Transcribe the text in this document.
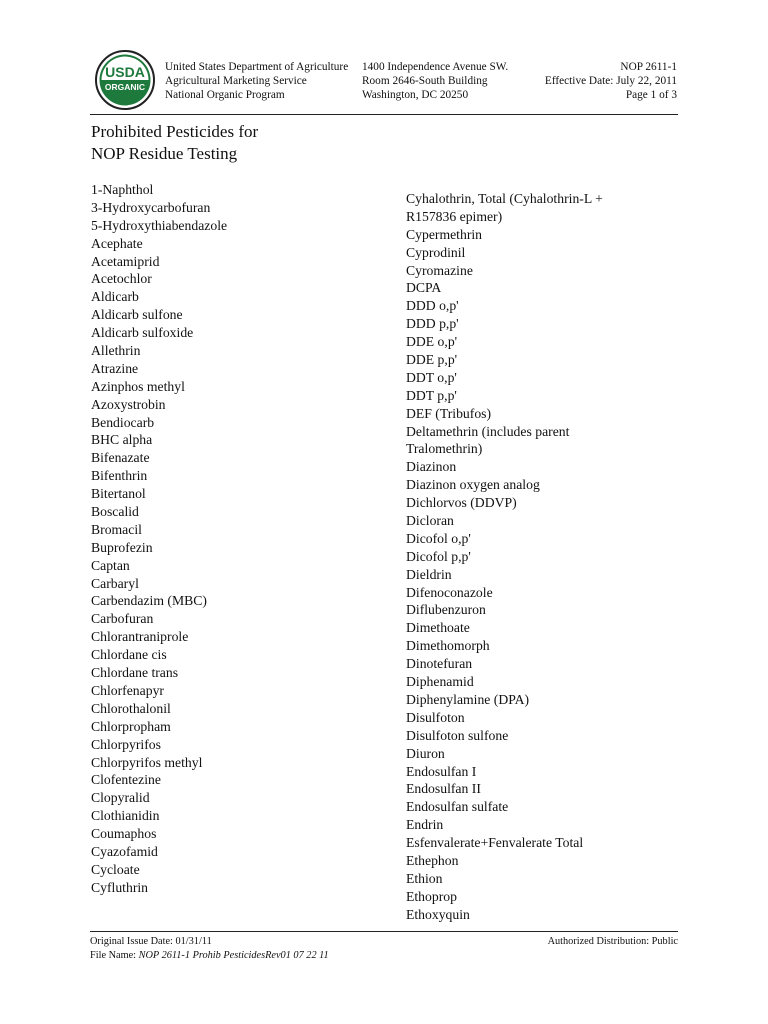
USDA
ORGANIC
United States Department of Agriculture
Agricultural Marketing Service
National Organic Program
1400 Independence Avenue SW.
Room 2646-South Building
Washington, DC 20250
NOP 2611-1
Effective Date: July 22, 2011
Page 1 of 3
Prohibited Pesticides for
NOP Residue Testing
1-Naphthol
3-Hydroxycarbofuran
5-Hydroxythiabendazole
Acephate
Acetamiprid
Acetochlor
Aldicarb
Aldicarb sulfone
Aldicarb sulfoxide
Allethrin
Atrazine
Azinphos methyl
Azoxystrobin
Bendiocarb
BHC alpha
Bifenazate
Bifenthrin
Bitertanol
Boscalid
Bromacil
Buprofezin
Captan
Carbaryl
Carbendazim (MBC)
Carbofuran
Chlorantraniprole
Chlordane cis
Chlordane trans
Chlorfenapyr
Chlorothalonil
Chlorpropham
Chlorpyrifos
Chlorpyrifos methyl
Clofentezine
Clopyralid
Clothianidin
Coumaphos
Cyazofamid
Cycloate
Cyfluthrin
Cyhalothrin, Total (Cyhalothrin-L +
R157836 epimer)
Cypermethrin
Cyprodinil
Cyromazine
DCPA
DDD o,p'
DDD p,p'
DDE o,p'
DDE p,p'
DDT o,p'
DDT p,p'
DEF (Tribufos)
Deltamethrin (includes parent
Tralomethrin)
Diazinon
Diazinon oxygen analog
Dichlorvos (DDVP)
Dicloran
Dicofol o,p'
Dicofol p,p'
Dieldrin
Difenoconazole
Diflubenzuron
Dimethoate
Dimethomorph
Dinotefuran
Diphenamid
Diphenylamine (DPA)
Disulfoton
Disulfoton sulfone
Diuron
Endosulfan I
Endosulfan II
Endosulfan sulfate
Endrin
Esfenvalerate+Fenvalerate Total
Ethephon
Ethion
Ethoprop
Ethoxyquin
Original Issue Date: 01/31/11
File Name: NOP 2611-1 Prohib PesticidesRev01 07 22 11
Authorized Distribution: Public
